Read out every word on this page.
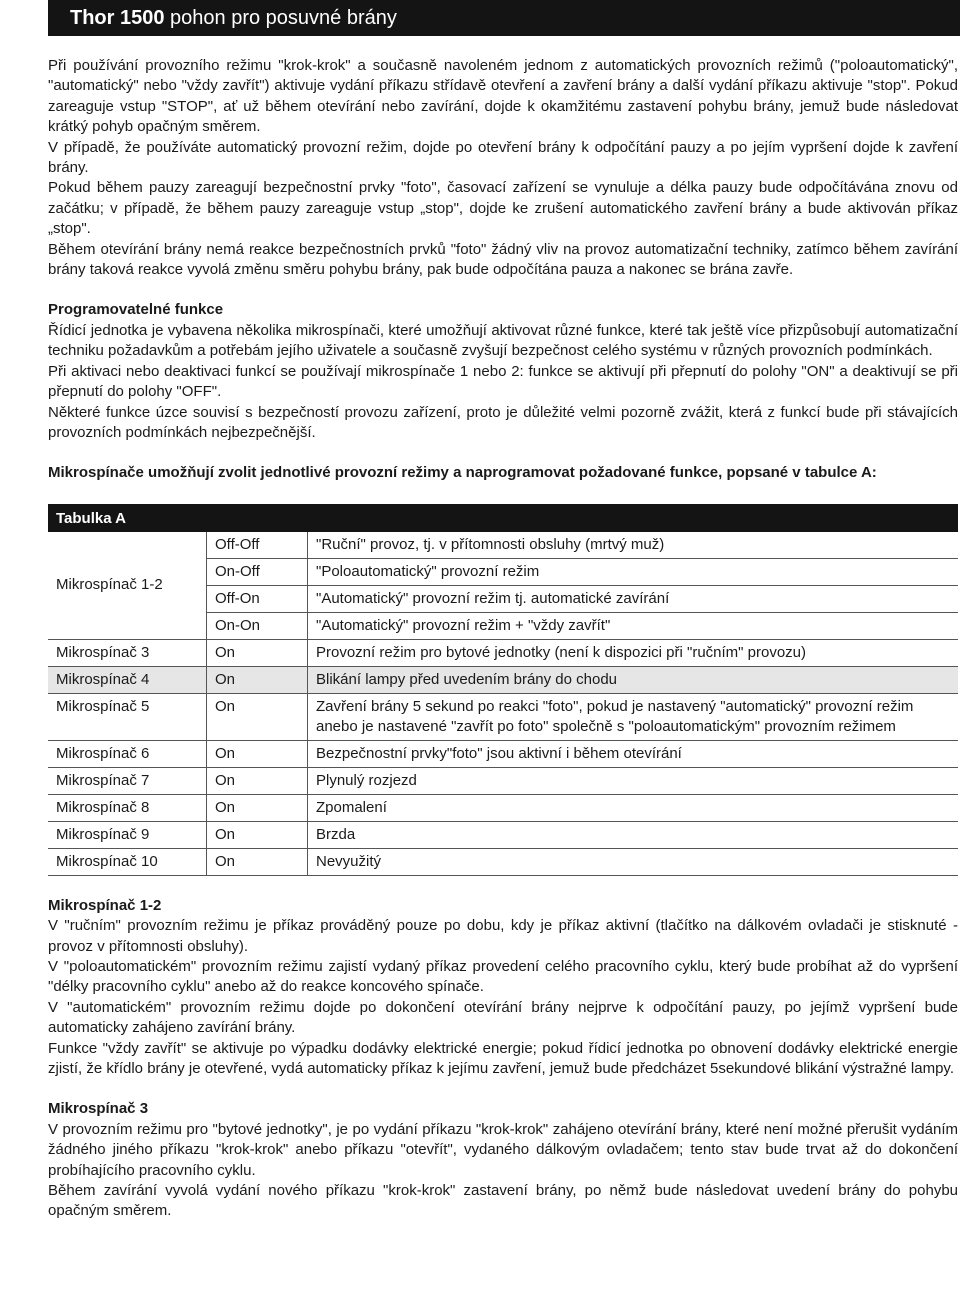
Thor 1500 pohon pro posuvné brány

Při používání provozního režimu "krok-krok" a současně navoleném jednom z automatických provozních režimů ("poloautomatický", "automatický" nebo "vždy zavřít") aktivuje vydání příkazu střídavě otevření a zavření brány a další vydání příkazu aktivuje "stop". Pokud zareaguje vstup "STOP", ať už během otevírání nebo zavírání, dojde k okamžitému zastavení pohybu brány, jemuž bude následovat krátký pohyb opačným směrem.

V případě, že používáte automatický provozní režim, dojde po otevření brány k odpočítání pauzy a po jejím vypršení dojde k zavření brány.

Pokud během pauzy zareagují bezpečnostní prvky "foto", časovací zařízení se vynuluje a délka pauzy bude odpočítávána znovu od začátku; v případě, že během pauzy zareaguje vstup „stop", dojde ke zrušení automatického zavření brány a bude aktivován příkaz „stop".

Během otevírání brány nemá reakce bezpečnostních prvků "foto" žádný vliv na provoz automatizační techniky, zatímco během zavírání brány taková reakce vyvolá změnu směru pohybu brány, pak bude odpočítána pauza a nakonec se brána zavře.

Programovatelné funkce

Řídicí jednotka je vybavena několika mikrospínači, které umožňují aktivovat různé funkce, které tak ještě více přizpůsobují automatizační techniku požadavkům a potřebám jejího uživatele a současně zvyšují bezpečnost celého systému v různých provozních podmínkách.

Při aktivaci nebo deaktivaci funkcí se používají mikrospínače 1 nebo 2: funkce se aktivují při přepnutí do polohy "ON" a deaktivují se při přepnutí do polohy "OFF".

Některé funkce úzce souvisí s bezpečností provozu zařízení, proto je důležité velmi pozorně zvážit, která z funkcí bude při stávajících provozních podmínkách nejbezpečnější.

Mikrospínače umožňují zvolit jednotlivé provozní režimy a naprogramovat požadované funkce, popsané v tabulce A:

Tabulka A
Mikrospínač 1-2	Off-Off	"Ruční" provoz, tj. v přítomnosti obsluhy (mrtvý muž)
	On-Off	"Poloautomatický" provozní režim
	Off-On	"Automatický" provozní režim tj. automatické zavírání
	On-On	"Automatický" provozní režim + "vždy zavřít"
Mikrospínač 3	On	Provozní režim pro bytové jednotky (není k dispozici při "ručním" provozu)
Mikrospínač 4	On	Blikání lampy před uvedením brány do chodu
Mikrospínač 5	On	Zavření brány 5 sekund po reakci "foto", pokud je nastavený "automatický" provozní režim anebo je nastavené "zavřít po foto" společně s "poloautomatickým" provozním režimem
Mikrospínač 6	On	Bezpečnostní prvky"foto" jsou aktivní i během otevírání
Mikrospínač 7	On	Plynulý rozjezd
Mikrospínač 8	On	Zpomalení
Mikrospínač 9	On	Brzda
Mikrospínač 10	On	Nevyužitý

Mikrospínač 1-2

V "ručním" provozním režimu je příkaz prováděný pouze po dobu, kdy je příkaz aktivní (tlačítko na dálkovém ovladači je stisknuté - provoz v přítomnosti obsluhy).

V "poloautomatickém" provozním režimu zajistí vydaný příkaz provedení celého pracovního cyklu, který bude probíhat až do vypršení "délky pracovního cyklu" anebo až do reakce koncového spínače.

V "automatickém" provozním režimu dojde po dokončení otevírání brány nejprve k odpočítání pauzy, po jejímž vypršení bude automaticky zahájeno zavírání brány.

Funkce "vždy zavřít" se aktivuje po výpadku dodávky elektrické energie; pokud řídicí jednotka po obnovení dodávky elektrické energie zjistí, že křídlo brány je otevřené, vydá automaticky příkaz k jejímu zavření, jemuž bude předcházet 5sekundové blikání výstražné lampy.

Mikrospínač 3

V provozním režimu pro "bytové jednotky", je po vydání příkazu "krok-krok" zahájeno otevírání brány, které není možné přerušit vydáním žádného jiného příkazu "krok-krok" anebo příkazu "otevřít", vydaného dálkovým ovladačem; tento stav bude trvat až do dokončení probíhajícího pracovního cyklu.

Během zavírání vyvolá vydání nového příkazu "krok-krok" zastavení brány, po němž bude následovat uvedení brány do pohybu opačným směrem.
